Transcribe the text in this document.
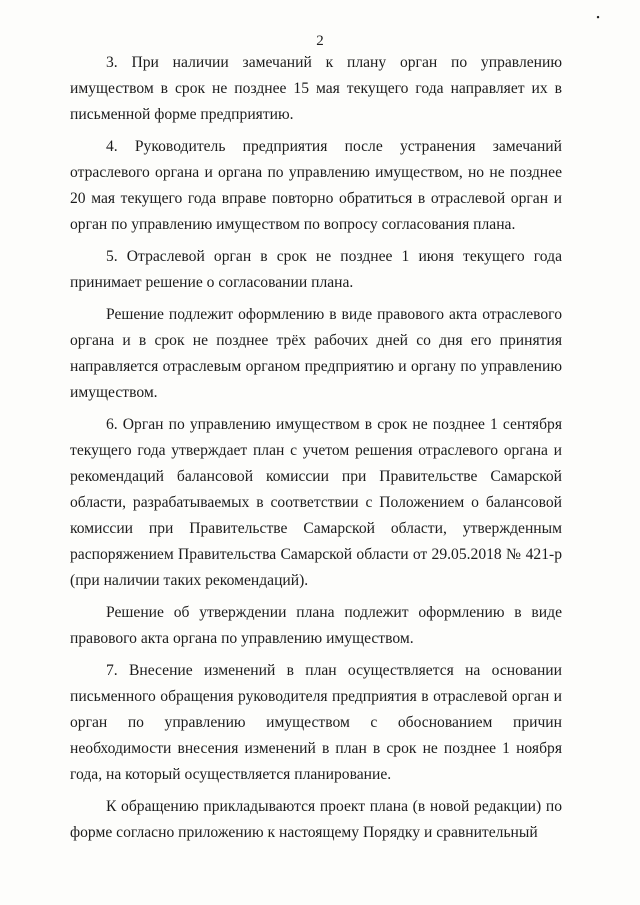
2
·

3. При наличии замечаний к плану орган по управлению имуществом в срок не позднее 15 мая текущего года направляет их в письменной форме предприятию.

4. Руководитель предприятия после устранения замечаний отраслевого органа и органа по управлению имуществом, но не позднее 20 мая текущего года вправе повторно обратиться в отраслевой орган и орган по управлению имуществом по вопросу согласования плана.

5. Отраслевой орган в срок не позднее 1 июня текущего года принимает решение о согласовании плана.

Решение подлежит оформлению в виде правового акта отраслевого органа и в срок не позднее трёх рабочих дней со дня его принятия направляется отраслевым органом предприятию и органу по управлению имуществом.

6. Орган по управлению имуществом в срок не позднее 1 сентября текущего года утверждает план с учетом решения отраслевого органа и рекомендаций балансовой комиссии при Правительстве Самарской области, разрабатываемых в соответствии с Положением о балансовой комиссии при Правительстве Самарской области, утвержденным распоряжением Правительства Самарской области от 29.05.2018 № 421-р (при наличии таких рекомендаций).

Решение об утверждении плана подлежит оформлению в виде правового акта органа по управлению имуществом.

7. Внесение изменений в план осуществляется на основании письменного обращения руководителя предприятия в отраслевой орган и орган по управлению имуществом с обоснованием причин необходимости внесения изменений в план в срок не позднее 1 ноября года, на который осуществляется планирование.

К обращению прикладываются проект плана (в новой редакции) по форме согласно приложению к настоящему Порядку и сравнительный
